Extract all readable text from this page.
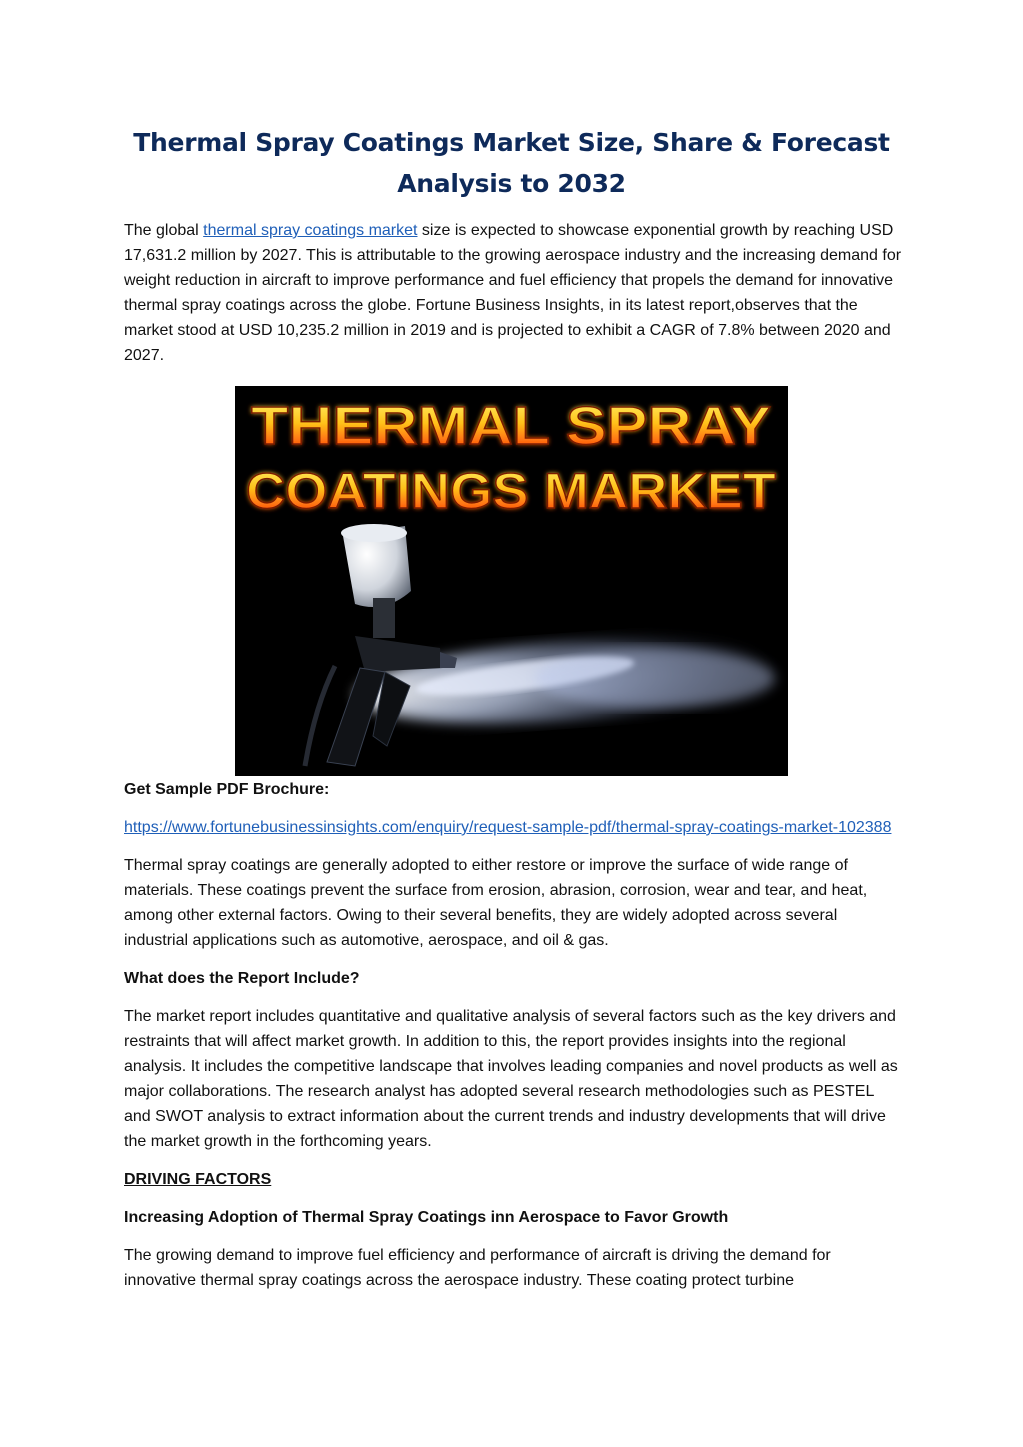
Thermal Spray Coatings Market Size, Share & Forecast Analysis to 2032

The global thermal spray coatings market size is expected to showcase exponential growth by reaching USD 17,631.2 million by 2027. This is attributable to the growing aerospace industry and the increasing demand for weight reduction in aircraft to improve performance and fuel efficiency that propels the demand for innovative thermal spray coatings across the globe. Fortune Business Insights, in its latest report,observes that the market stood at USD 10,235.2 million in 2019 and is projected to exhibit a CAGR of 7.8% between 2020 and 2027.

THERMAL SPRAY
COATINGS MARKET

Get Sample PDF Brochure:

https://www.fortunebusinessinsights.com/enquiry/request-sample-pdf/thermal-spray-coatings-market-102388

Thermal spray coatings are generally adopted to either restore or improve the surface of wide range of materials. These coatings prevent the surface from erosion, abrasion, corrosion, wear and tear, and heat, among other external factors. Owing to their several benefits, they are widely adopted across several industrial applications such as automotive, aerospace, and oil & gas.

What does the Report Include?

The market report includes quantitative and qualitative analysis of several factors such as the key drivers and restraints that will affect market growth. In addition to this, the report provides insights into the regional analysis. It includes the competitive landscape that involves leading companies and novel products as well as major collaborations. The research analyst has adopted several research methodologies such as PESTEL and SWOT analysis to extract information about the current trends and industry developments that will drive the market growth in the forthcoming years.

DRIVING FACTORS

Increasing Adoption of Thermal Spray Coatings inn Aerospace to Favor Growth

The growing demand to improve fuel efficiency and performance of aircraft is driving the demand for innovative thermal spray coatings across the aerospace industry. These coating protect turbine
